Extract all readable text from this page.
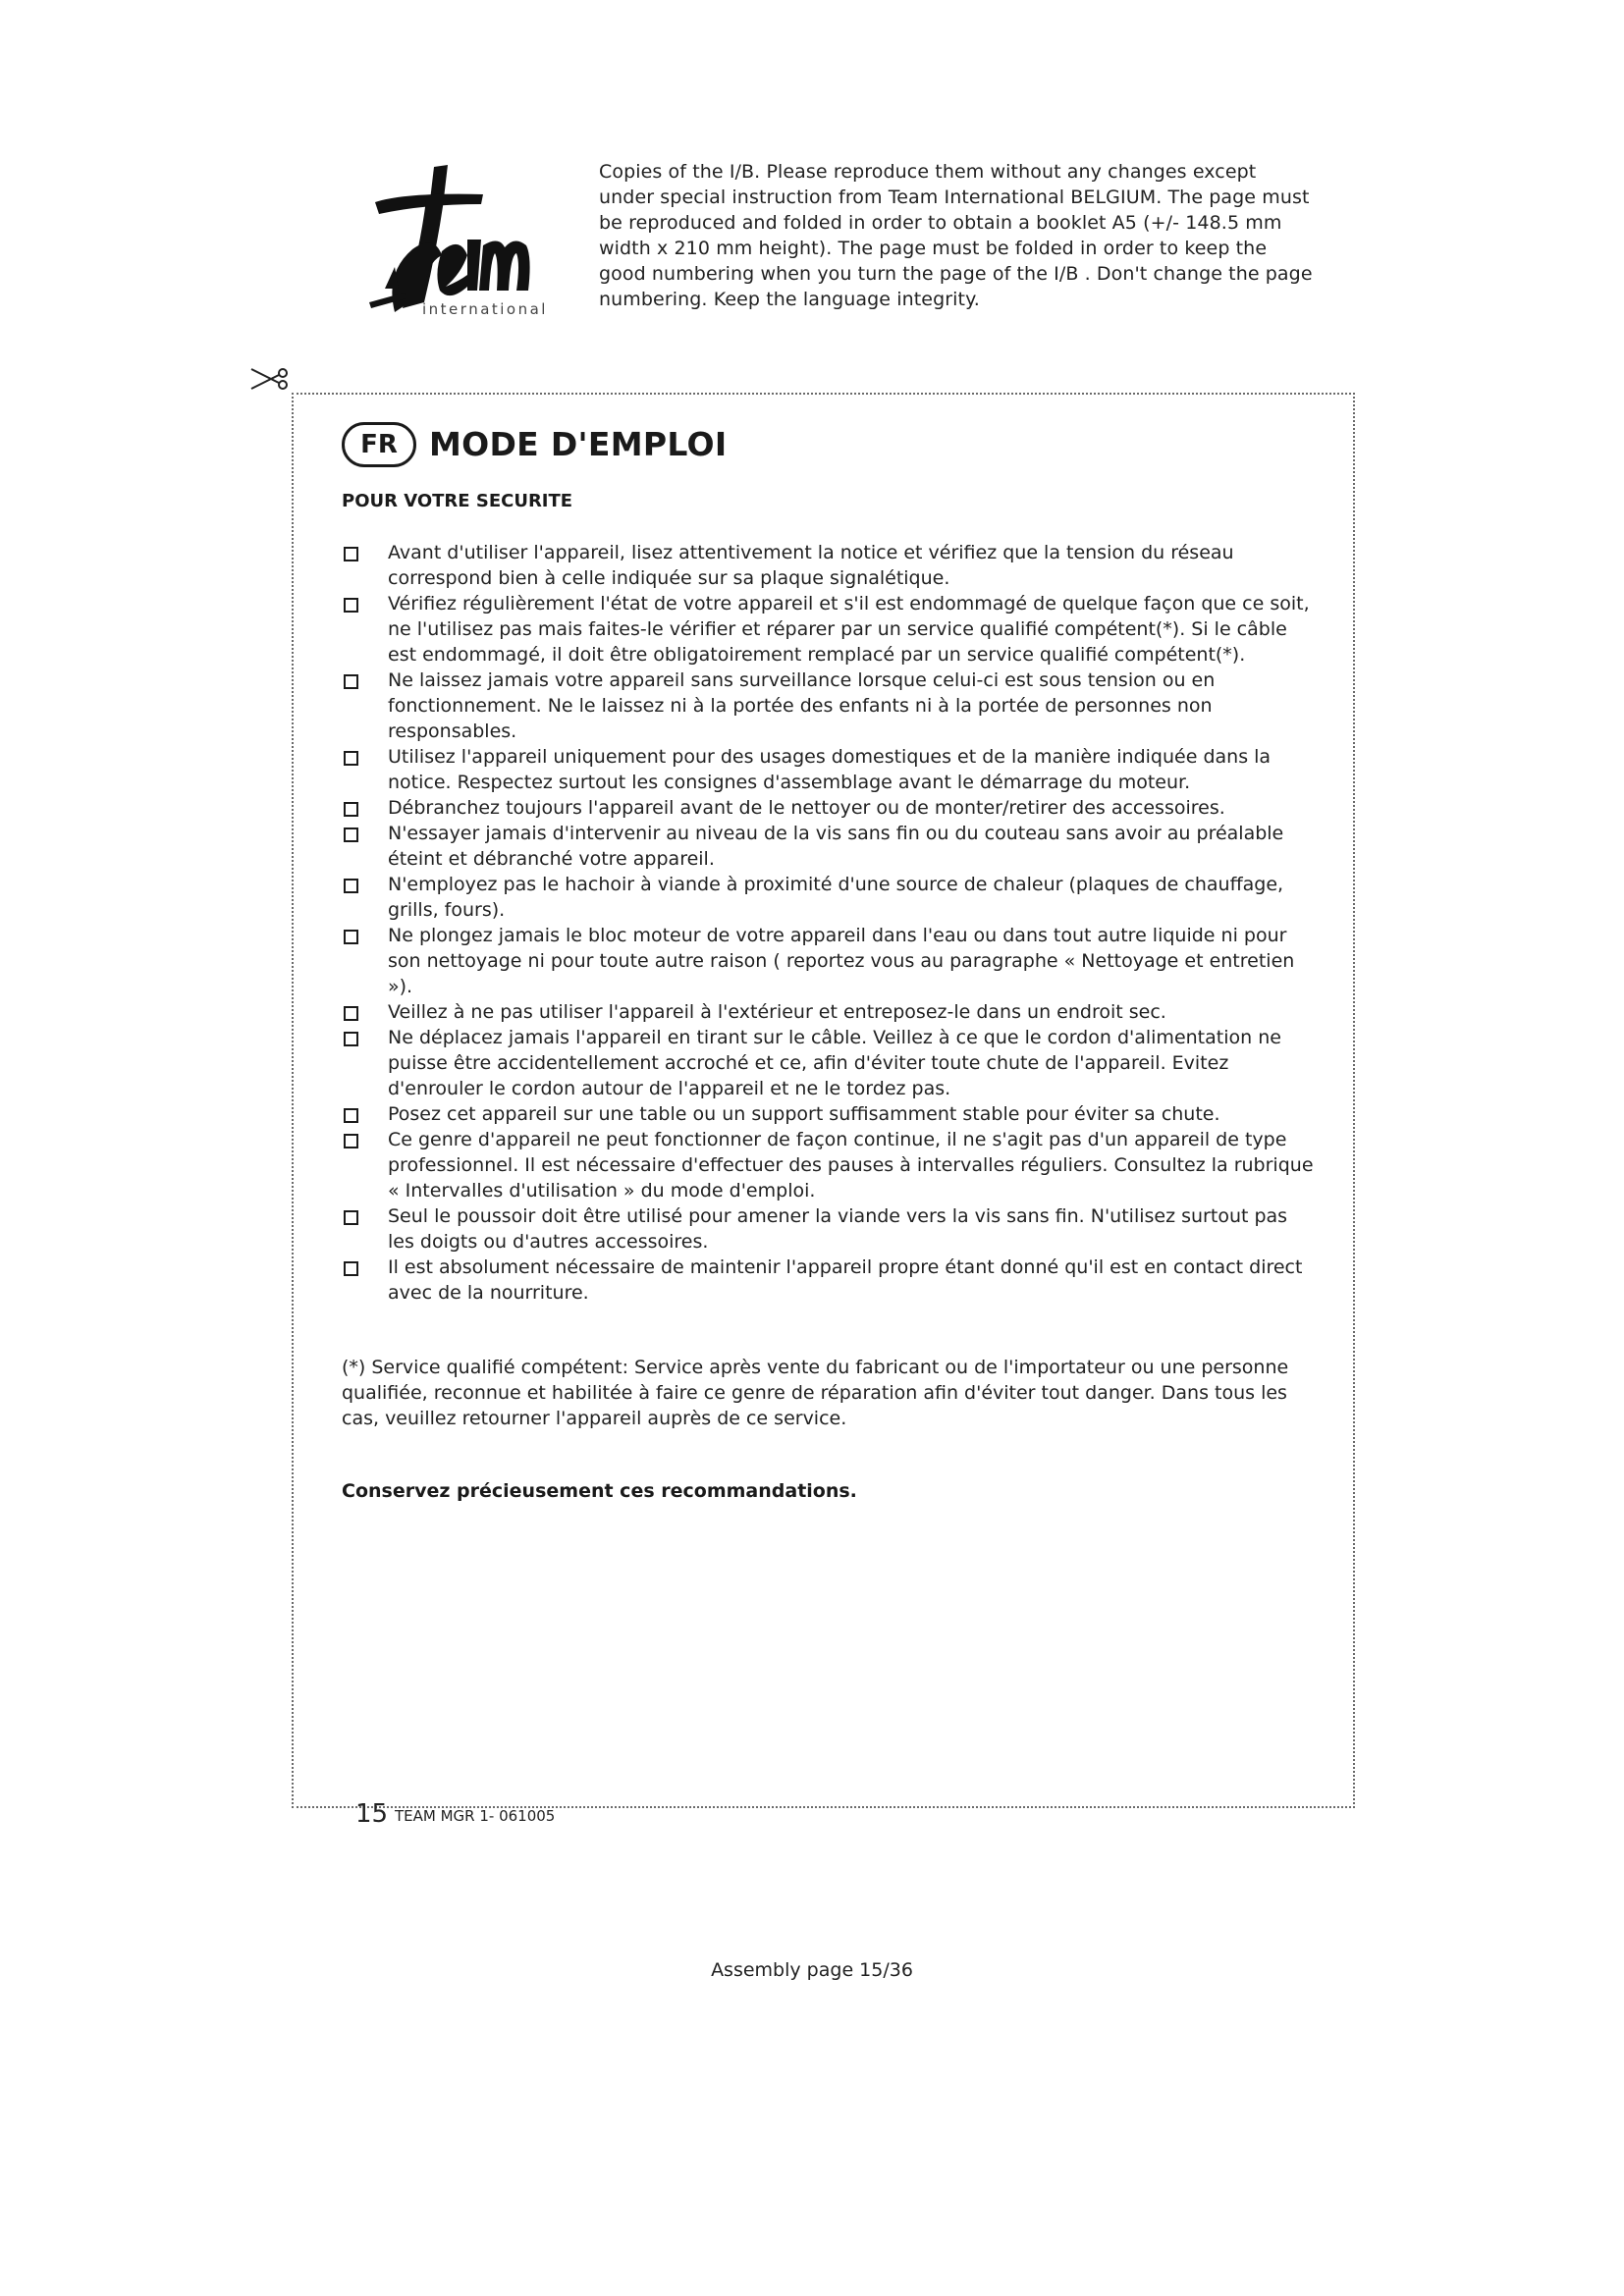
international
Copies of the I/B. Please reproduce them without any changes except under special instruction from Team International BELGIUM. The page must be reproduced and folded in order to obtain a booklet A5 (+/- 148.5 mm width x 210 mm height). The page must be folded in order to keep the good numbering when you turn the page of the I/B . Don't change the page numbering. Keep the language integrity.
FR MODE D'EMPLOI
POUR VOTRE SECURITE
Avant d'utiliser l'appareil, lisez attentivement la notice et vérifiez que la tension du réseau correspond bien à celle indiquée sur sa plaque signalétique.
Vérifiez régulièrement l'état de votre appareil et s'il est endommagé de quelque façon que ce soit, ne l'utilisez pas mais faites-le vérifier et réparer par un service qualifié compétent(*). Si le câble est endommagé, il doit être obligatoirement remplacé par un service qualifié compétent(*).
Ne laissez jamais votre appareil sans surveillance lorsque celui-ci est sous tension ou en fonctionnement. Ne le laissez ni à la portée des enfants ni à la portée de personnes non responsables.
Utilisez l'appareil uniquement pour des usages domestiques et de la manière indiquée dans la notice. Respectez surtout les consignes d'assemblage avant le démarrage du moteur.
Débranchez toujours l'appareil avant de le nettoyer ou de monter/retirer des accessoires.
N'essayer jamais d'intervenir au niveau de la vis sans fin ou du couteau sans avoir au préalable éteint et débranché votre appareil.
N'employez pas le hachoir à viande à proximité d'une source de chaleur (plaques de chauffage, grills, fours).
Ne plongez jamais le bloc moteur de votre appareil dans l'eau ou dans tout autre liquide ni pour son nettoyage ni pour toute autre raison ( reportez vous au paragraphe « Nettoyage et entretien »).
Veillez à ne pas utiliser l'appareil à l'extérieur et entreposez-le dans un endroit sec.
Ne déplacez jamais l'appareil en tirant sur le câble. Veillez à ce que le cordon d'alimentation ne puisse être accidentellement accroché et ce, afin d'éviter toute chute de l'appareil. Evitez d'enrouler le cordon autour de l'appareil et ne le tordez pas.
Posez cet appareil sur une table ou un support suffisamment stable pour éviter sa chute.
Ce genre d'appareil ne peut fonctionner de façon continue, il ne s'agit pas d'un appareil de type professionnel. Il est nécessaire d'effectuer des pauses à intervalles réguliers. Consultez la rubrique « Intervalles d'utilisation » du mode d'emploi.
Seul le poussoir doit être utilisé pour amener la viande vers la vis sans fin. N'utilisez surtout pas les doigts ou d'autres accessoires.
Il est absolument nécessaire de maintenir l'appareil propre étant donné qu'il est en contact direct avec de la nourriture.
(*) Service qualifié compétent: Service après vente du fabricant ou de l'importateur ou une personne qualifiée, reconnue et habilitée à faire ce genre de réparation afin d'éviter tout danger. Dans tous les cas, veuillez retourner l'appareil auprès de ce service.
Conservez précieusement ces recommandations.
15 TEAM MGR 1- 061005
Assembly page 15/36
